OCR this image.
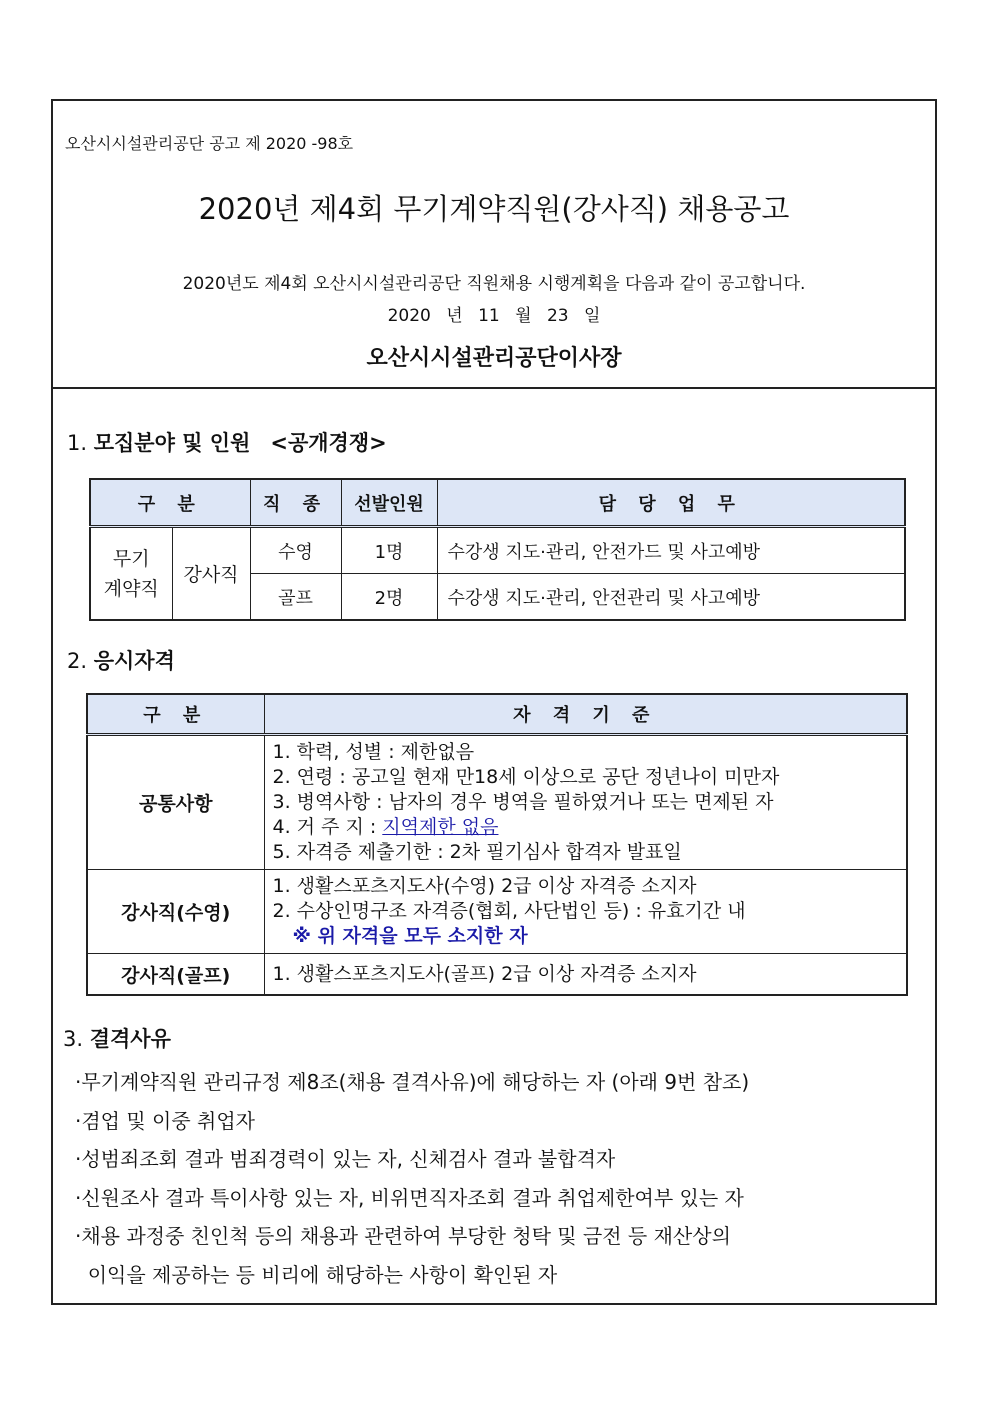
오산시시설관리공단 공고 제 2020 -98호
2020년 제4회 무기계약직원(강사직) 채용공고
2020년도 제4회 오산시시설관리공단 직원채용 시행계획을 다음과 같이 공고합니다.
2020 년 11 월 23 일
오산시시설관리공단이사장
1. 모집분야 및 인원 <공개경쟁>
구 분		직 종	선발인원	담 당 업 무
무기
계약직	강사직	수영	1명	수강생 지도·관리, 안전가드 및 사고예방
		골프	2명	수강생 지도·관리, 안전관리 및 사고예방
2. 응시자격
구 분	자 격 기 준
공통사항	1. 학력, 성별 : 제한없음
2. 연령 : 공고일 현재 만18세 이상으로 공단 정년나이 미만자
3. 병역사항 : 남자의 경우 병역을 필하였거나 또는 면제된 자
4. 거 주 지 : 지역제한 없음
5. 자격증 제출기한 : 2차 필기심사 합격자 발표일

강사직(수영)	1. 생활스포츠지도사(수영) 2급 이상 자격증 소지자
2. 수상인명구조 자격증(협회, 사단법인 등) : 유효기간 내
※ 위 자격을 모두 소지한 자

강사직(골프)	1. 생활스포츠지도사(골프) 2급 이상 자격증 소지자
3. 결격사유
·무기계약직원 관리규정 제8조(채용 결격사유)에 해당하는 자 (아래 9번 참조)
·겸업 및 이중 취업자
·성범죄조회 결과 범죄경력이 있는 자, 신체검사 결과 불합격자
·신원조사 결과 특이사항 있는 자, 비위면직자조회 결과 취업제한여부 있는 자
·채용 과정중 친인척 등의 채용과 관련하여 부당한 청탁 및 금전 등 재산상의
이익을 제공하는 등 비리에 해당하는 사항이 확인된 자
